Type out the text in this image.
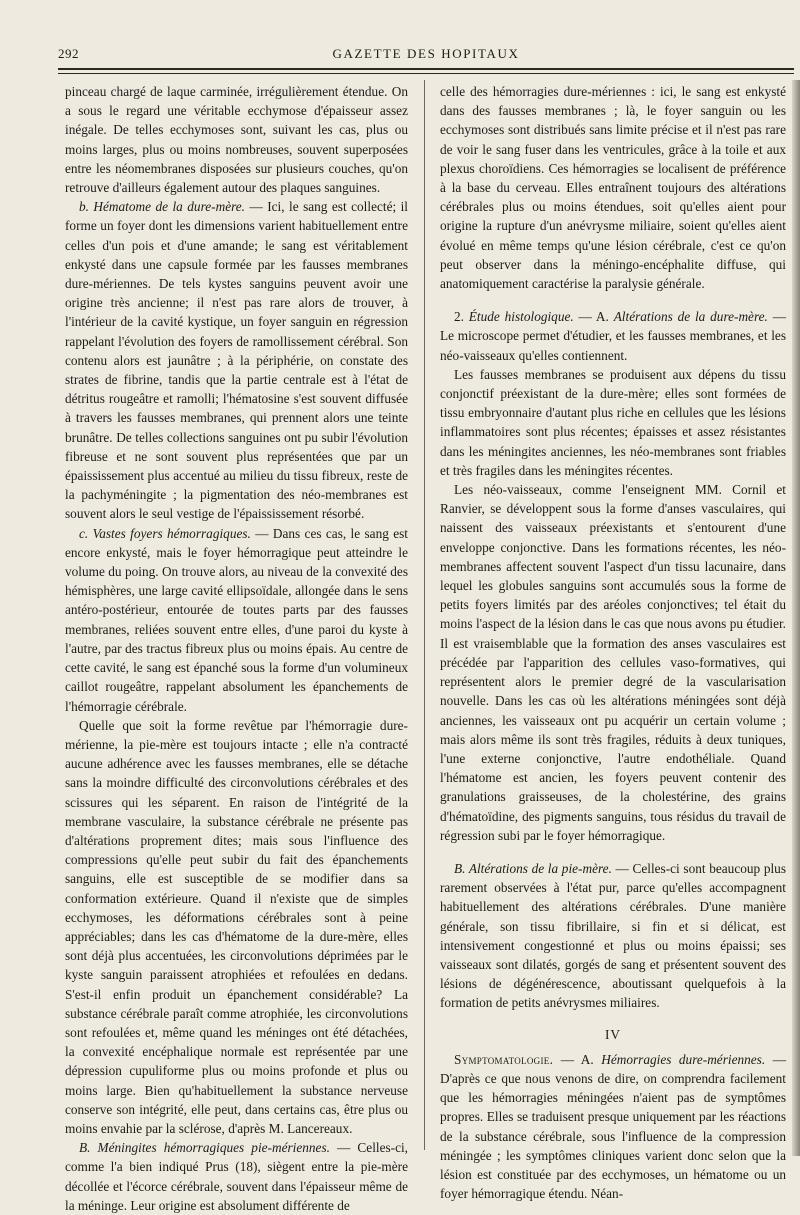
292	GAZETTE DES HOPITAUX

pinceau chargé de laque carminée, irrégulièrement étendue. On a sous le regard une véritable ecchymose d'épaisseur assez inégale. De telles ecchymoses sont, suivant les cas, plus ou moins larges, plus ou moins nombreuses, souvent superposées entre les néomembranes disposées sur plusieurs couches, qu'on retrouve d'ailleurs également autour des plaques sanguines.

b. Hématome de la dure-mère. — Ici, le sang est collecté; il forme un foyer dont les dimensions varient habituellement entre celles d'un pois et d'une amande; le sang est véritablement enkysté dans une capsule formée par les fausses membranes dure-mériennes. De tels kystes sanguins peuvent avoir une origine très ancienne; il n'est pas rare alors de trouver, à l'intérieur de la cavité kystique, un foyer sanguin en régression rappelant l'évolution des foyers de ramollissement cérébral. Son contenu alors est jaunâtre ; à la périphérie, on constate des strates de fibrine, tandis que la partie centrale est à l'état de détritus rougeâtre et ramolli; l'hématosine s'est souvent diffusée à travers les fausses membranes, qui prennent alors une teinte brunâtre. De telles collections sanguines ont pu subir l'évolution fibreuse et ne sont souvent plus représentées que par un épaississement plus accentué au milieu du tissu fibreux, reste de la pachyméningite ; la pigmentation des néo-membranes est souvent alors le seul vestige de l'épaississement résorbé.

c. Vastes foyers hémorragiques. — Dans ces cas, le sang est encore enkysté, mais le foyer hémorragique peut atteindre le volume du poing. On trouve alors, au niveau de la convexité des hémisphères, une large cavité ellipsoïdale, allongée dans le sens antéro-postérieur, entourée de toutes parts par des fausses membranes, reliées souvent entre elles, d'une paroi du kyste à l'autre, par des tractus fibreux plus ou moins épais. Au centre de cette cavité, le sang est épanché sous la forme d'un volumineux caillot rougeâtre, rappelant absolument les épanchements de l'hémorragie cérébrale.

Quelle que soit la forme revêtue par l'hémorragie dure-mérienne, la pie-mère est toujours intacte ; elle n'a contracté aucune adhérence avec les fausses membranes, elle se détache sans la moindre difficulté des circonvolutions cérébrales et des scissures qui les séparent. En raison de l'intégrité de la membrane vasculaire, la substance cérébrale ne présente pas d'altérations proprement dites; mais sous l'influence des compressions qu'elle peut subir du fait des épanchements sanguins, elle est susceptible de se modifier dans sa conformation extérieure. Quand il n'existe que de simples ecchymoses, les déformations cérébrales sont à peine appréciables; dans les cas d'hématome de la dure-mère, elles sont déjà plus accentuées, les circonvolutions déprimées par le kyste sanguin paraissent atrophiées et refoulées en dedans. S'est-il enfin produit un épanchement considérable? La substance cérébrale paraît comme atrophiée, les circonvolutions sont refoulées et, même quand les méninges ont été détachées, la convexité encéphalique normale est représentée par une dépression cupuliforme plus ou moins profonde et plus ou moins large. Bien qu'habituellement la substance nerveuse conserve son intégrité, elle peut, dans certains cas, être plus ou moins envahie par la sclérose, d'après M. Lancereaux.

B. Méningites hémorragiques pie-mériennes. — Celles-ci, comme l'a bien indiqué Prus (18), siègent entre la pie-mère décollée et l'écorce cérébrale, souvent dans l'épaisseur même de la méninge. Leur origine est absolument différente de

celle des hémorragies dure-mériennes : ici, le sang est enkysté dans des fausses membranes ; là, le foyer sanguin ou les ecchymoses sont distribués sans limite précise et il n'est pas rare de voir le sang fuser dans les ventricules, grâce à la toile et aux plexus choroïdiens. Ces hémorragies se localisent de préférence à la base du cerveau. Elles entraînent toujours des altérations cérébrales plus ou moins étendues, soit qu'elles aient pour origine la rupture d'un anévrysme miliaire, soient qu'elles aient évolué en même temps qu'une lésion cérébrale, c'est ce qu'on peut observer dans la méningo-encéphalite diffuse, qui anatomiquement caractérise la paralysie générale.

2. Étude histologique. — A. Altérations de la dure-mère. — Le microscope permet d'étudier, et les fausses membranes, et les néo-vaisseaux qu'elles contiennent.

Les fausses membranes se produisent aux dépens du tissu conjonctif préexistant de la dure-mère; elles sont formées de tissu embryonnaire d'autant plus riche en cellules que les lésions inflammatoires sont plus récentes; épaisses et assez résistantes dans les méningites anciennes, les néo-membranes sont friables et très fragiles dans les méningites récentes.

Les néo-vaisseaux, comme l'enseignent MM. Cornil et Ranvier, se développent sous la forme d'anses vasculaires, qui naissent des vaisseaux préexistants et s'entourent d'une enveloppe conjonctive. Dans les formations récentes, les néo-membranes affectent souvent l'aspect d'un tissu lacunaire, dans lequel les globules sanguins sont accumulés sous la forme de petits foyers limités par des aréoles conjonctives; tel était du moins l'aspect de la lésion dans le cas que nous avons pu étudier. Il est vraisemblable que la formation des anses vasculaires est précédée par l'apparition des cellules vaso-formatives, qui représentent alors le premier degré de la vascularisation nouvelle. Dans les cas où les altérations méningées sont déjà anciennes, les vaisseaux ont pu acquérir un certain volume ; mais alors même ils sont très fragiles, réduits à deux tuniques, l'une externe conjonctive, l'autre endothéliale. Quand l'hématome est ancien, les foyers peuvent contenir des granulations graisseuses, de la cholestérine, des grains d'hématoïdine, des pigments sanguins, tous résidus du travail de régression subi par le foyer hémorragique.

B. Altérations de la pie-mère. — Celles-ci sont beaucoup plus rarement observées à l'état pur, parce qu'elles accompagnent habituellement des altérations cérébrales. D'une manière générale, son tissu fibrillaire, si fin et si délicat, est intensivement congestionné et plus ou moins épaissi; ses vaisseaux sont dilatés, gorgés de sang et présentent souvent des lésions de dégénérescence, aboutissant quelquefois à la formation de petits anévrysmes miliaires.

IV

Symptomatologie. — A. Hémorragies dure-mériennes. — D'après ce que nous venons de dire, on comprendra facilement que les hémorragies méningées n'aient pas de symptômes propres. Elles se traduisent presque uniquement par les réactions de la substance cérébrale, sous l'influence de la compression méningée ; les symptômes cliniques varient donc selon que la lésion est constituée par des ecchymoses, un hématome ou un foyer hémorragique étendu. Néan-
